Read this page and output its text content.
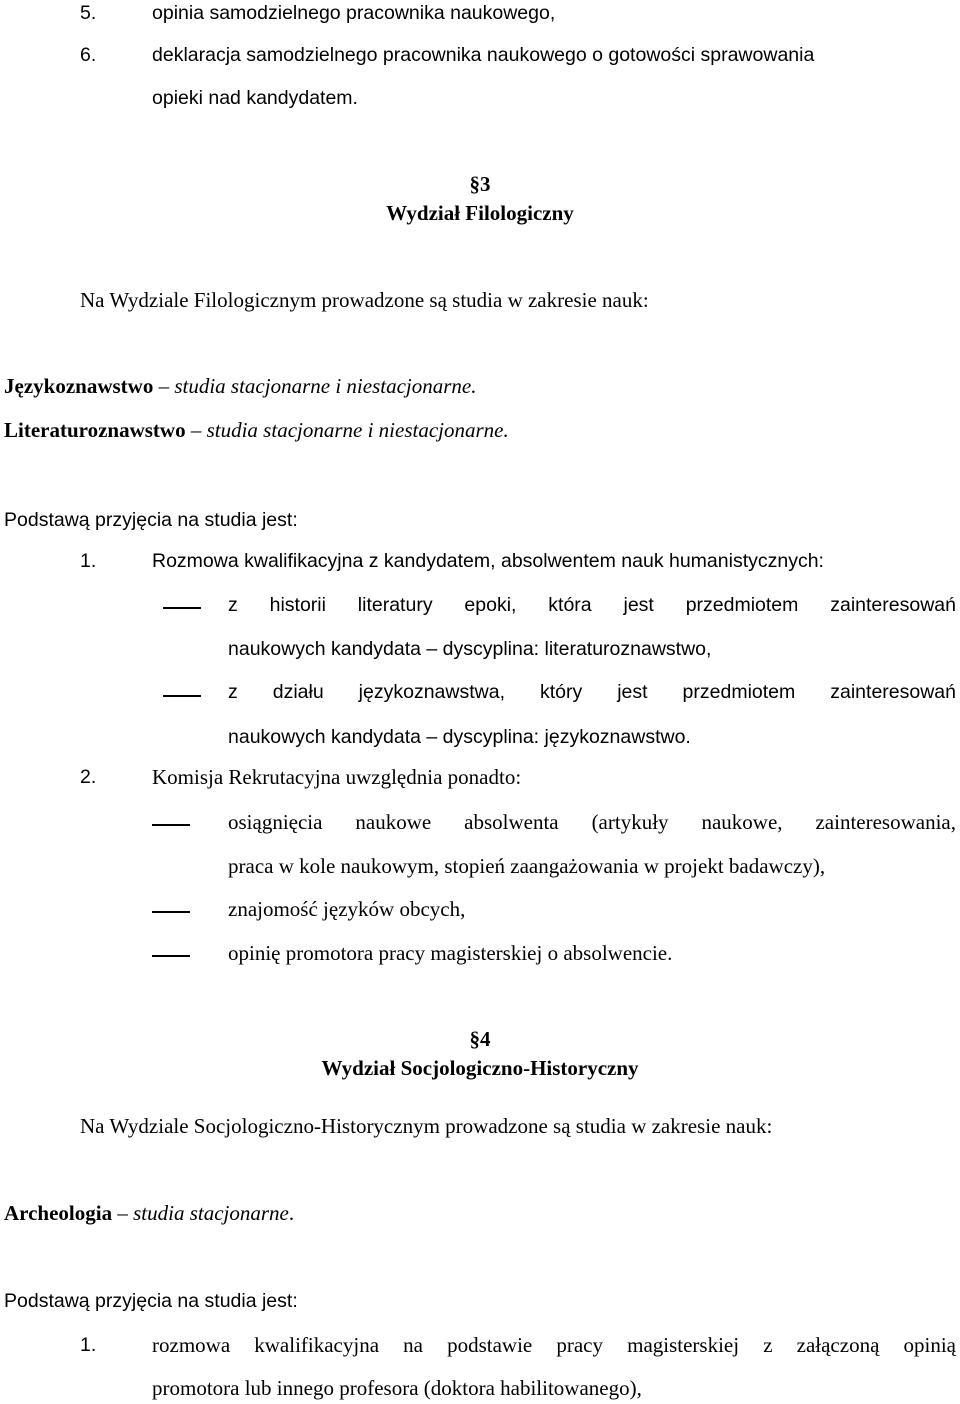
5.	opinia samodzielnego pracownika naukowego,
6.	deklaracja samodzielnego pracownika naukowego o gotowości sprawowania
opieki nad kandydatem.
§3
Wydział Filologiczny
Na Wydziale Filologicznym prowadzone są studia w zakresie nauk:
Językoznawstwo – studia stacjonarne i niestacjonarne.
Literaturoznawstwo – studia stacjonarne i niestacjonarne.
Podstawą przyjęcia na studia jest:
1.	Rozmowa kwalifikacyjna z kandydatem, absolwentem nauk humanistycznych:
z historii literatury epoki, która jest przedmiotem zainteresowań
naukowych kandydata – dyscyplina: literaturoznawstwo,
z działu językoznawstwa, który jest przedmiotem zainteresowań
naukowych kandydata – dyscyplina: językoznawstwo.
2.	Komisja Rekrutacyjna uwzględnia ponadto:
osiągnięcia naukowe absolwenta (artykuły naukowe, zainteresowania,
praca w kole naukowym, stopień zaangażowania w projekt badawczy),
znajomość języków obcych,
opinię promotora pracy magisterskiej o absolwencie.
§4
Wydział Socjologiczno-Historyczny
Na Wydziale Socjologiczno-Historycznym prowadzone są studia w zakresie nauk:
Archeologia – studia stacjonarne.
Podstawą przyjęcia na studia jest:
1.	rozmowa kwalifikacyjna na podstawie pracy magisterskiej z załączoną opinią
promotora lub innego profesora (doktora habilitowanego),
